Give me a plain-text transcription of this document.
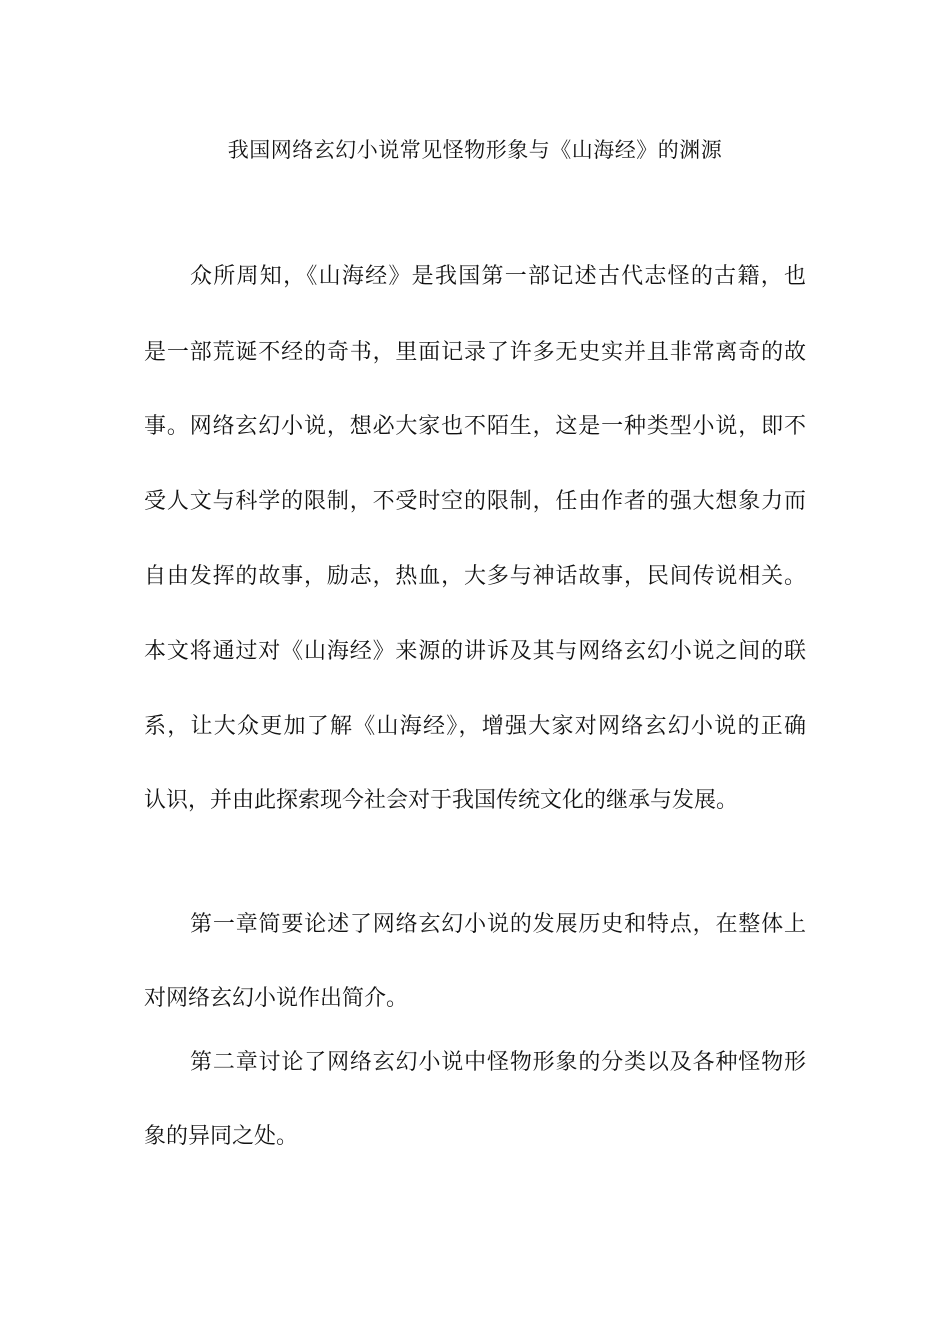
我国网络玄幻小说常见怪物形象与《山海经》的渊源
众所周知，《山海经》是我国第一部记述古代志怪的古籍，也
是一部荒诞不经的奇书，里面记录了许多无史实并且非常离奇的故
事。网络玄幻小说，想必大家也不陌生，这是一种类型小说，即不
受人文与科学的限制，不受时空的限制，任由作者的强大想象力而
自由发挥的故事，励志，热血，大多与神话故事，民间传说相关。
本文将通过对《山海经》来源的讲诉及其与网络玄幻小说之间的联
系，让大众更加了解《山海经》，增强大家对网络玄幻小说的正确
认识，并由此探索现今社会对于我国传统文化的继承与发展。
第一章简要论述了网络玄幻小说的发展历史和特点，在整体上
对网络玄幻小说作出简介。
第二章讨论了网络玄幻小说中怪物形象的分类以及各种怪物形
象的异同之处。
